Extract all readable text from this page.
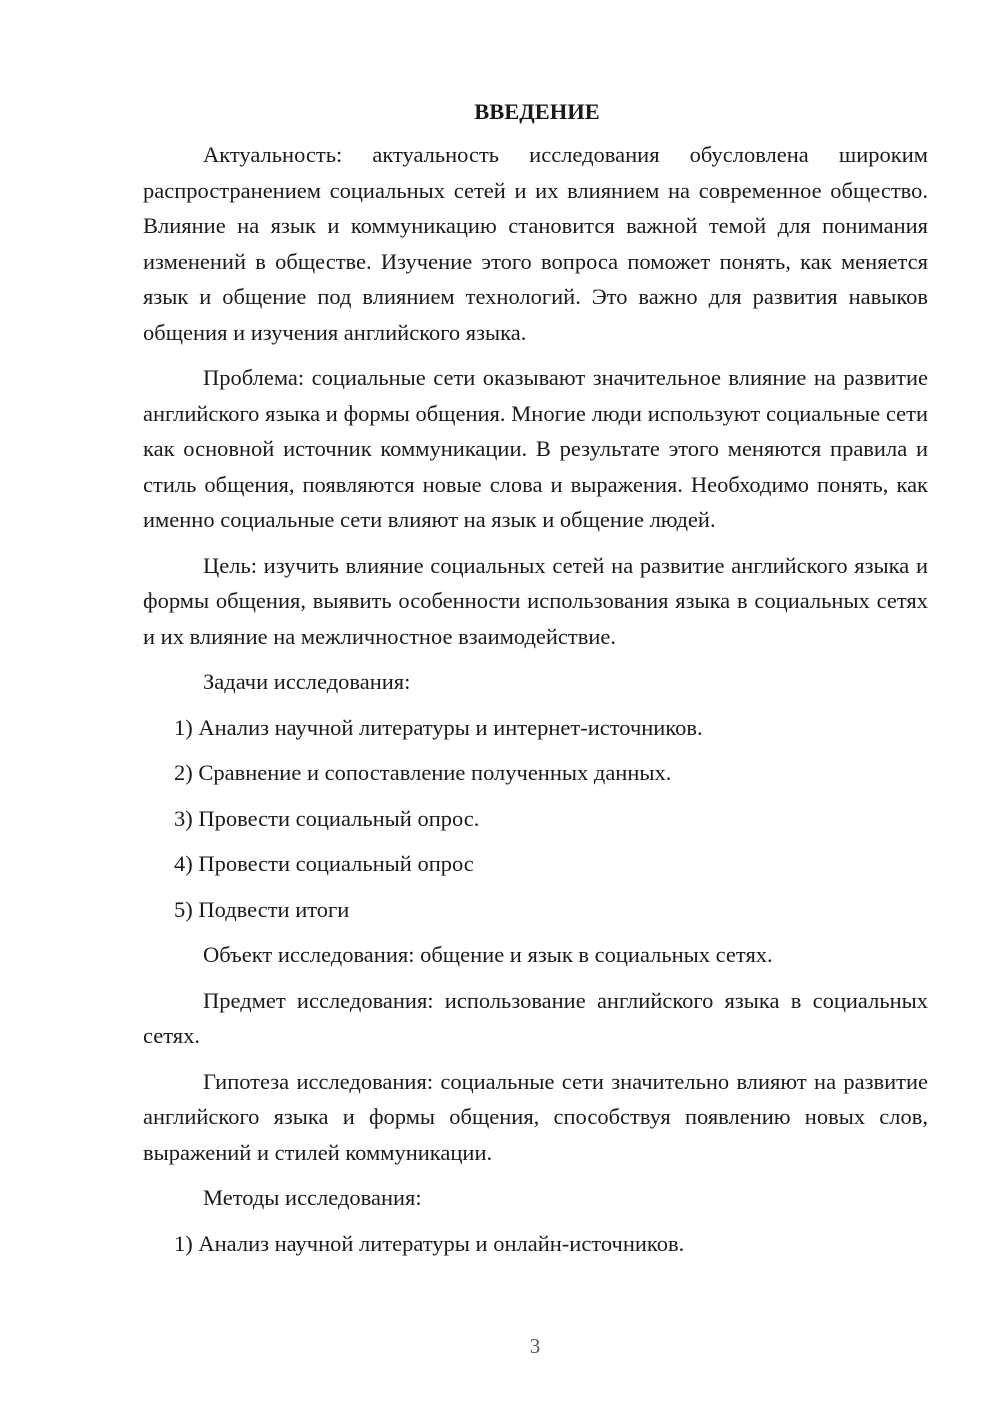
ВВЕДЕНИЕ

Актуальность: актуальность исследования обусловлена широким распространением социальных сетей и их влиянием на современное общество. Влияние на язык и коммуникацию становится важной темой для понимания изменений в обществе. Изучение этого вопроса поможет понять, как меняется язык и общение под влиянием технологий. Это важно для развития навыков общения и изучения английского языка.

Проблема: социальные сети оказывают значительное влияние на развитие английского языка и формы общения. Многие люди используют социальные сети как основной источник коммуникации. В результате этого меняются правила и стиль общения, появляются новые слова и выражения. Необходимо понять, как именно социальные сети влияют на язык и общение людей.

Цель: изучить влияние социальных сетей на развитие английского языка и формы общения, выявить особенности использования языка в социальных сетях и их влияние на межличностное взаимодействие.

Задачи исследования:

1) Анализ научной литературы и интернет-источников.

2) Сравнение и сопоставление полученных данных.

3) Провести социальный опрос.

4) Провести социальный опрос

5) Подвести итоги

Объект исследования: общение и язык в социальных сетях.

Предмет исследования: использование английского языка в социальных сетях.

Гипотеза исследования: социальные сети значительно влияют на развитие английского языка и формы общения, способствуя появлению новых слов, выражений и стилей коммуникации.

Методы исследования:

1) Анализ научной литературы и онлайн-источников.

3
